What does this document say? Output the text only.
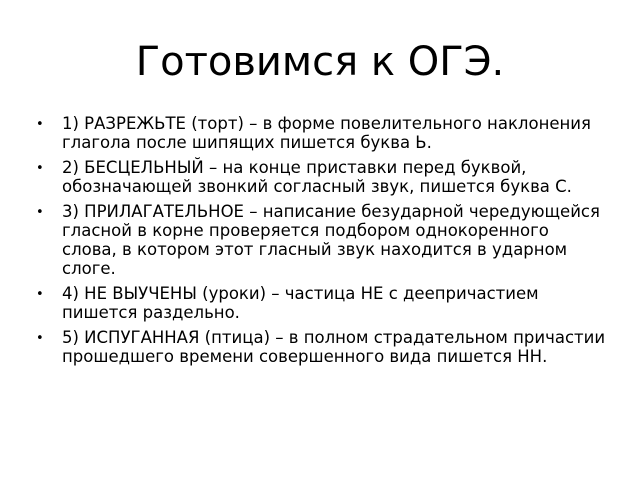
Готовимся к ОГЭ.
• 1) РАЗРЕЖЬТЕ (торт) – в форме повелительного наклонения глагола после шипящих пишется буква Ь.
• 2) БЕСЦЕЛЬНЫЙ – на конце приставки перед буквой, обозначающей звонкий согласный звук, пишется буква С.
• 3) ПРИЛАГАТЕЛЬНОЕ – написание безударной чередующейся гласной в корне проверяется подбором однокоренного слова, в котором этот гласный звук находится в ударном слоге.
• 4) НЕ ВЫУЧЕНЫ (уроки) – частица НЕ с деепричастием пишется раздельно.
• 5) ИСПУГАННАЯ (птица) – в полном страдательном причастии прошедшего времени совершенного вида пишется НН.
